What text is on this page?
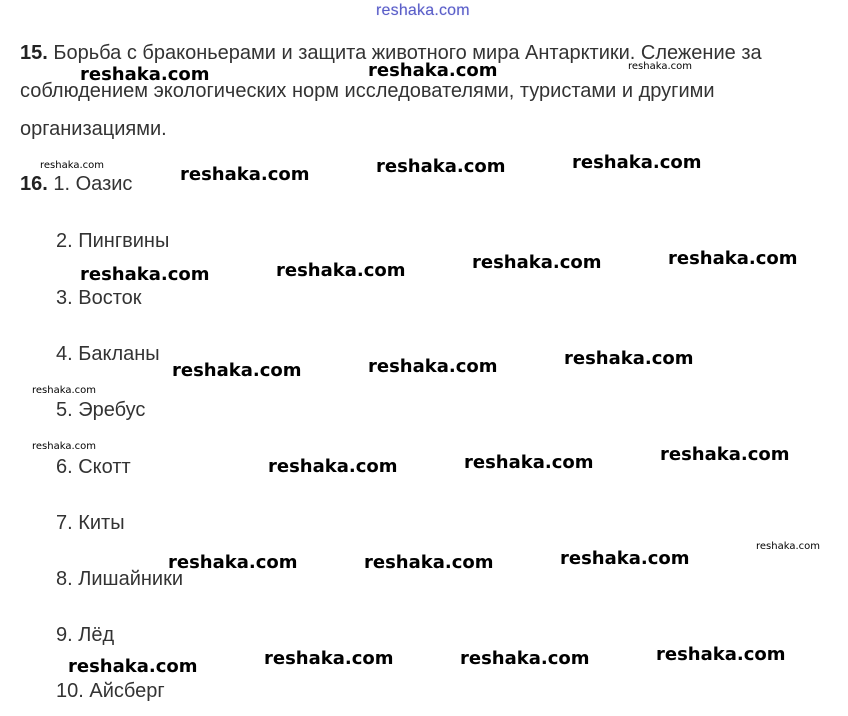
reshaka.com
15. Борьба с браконьерами и защита животного мира Антарктики. Слежение за
соблюдением экологических норм исследователями, туристами и другими
организациями.
16. 1. Оазис
2. Пингвины
3. Восток
4. Бакланы
5. Эребус
6. Скотт
7. Киты
8. Лишайники
9. Лёд
10. Айсберг
reshaka.com	reshaka.com	reshaka.com
reshaka.com	reshaka.com	reshaka.com	reshaka.com
reshaka.com	reshaka.com	reshaka.com	reshaka.com
reshaka.com	reshaka.com	reshaka.com
reshaka.com
reshaka.com
reshaka.com	reshaka.com	reshaka.com
reshaka.com	reshaka.com	reshaka.com
reshaka.com
reshaka.com	reshaka.com	reshaka.com	reshaka.com
